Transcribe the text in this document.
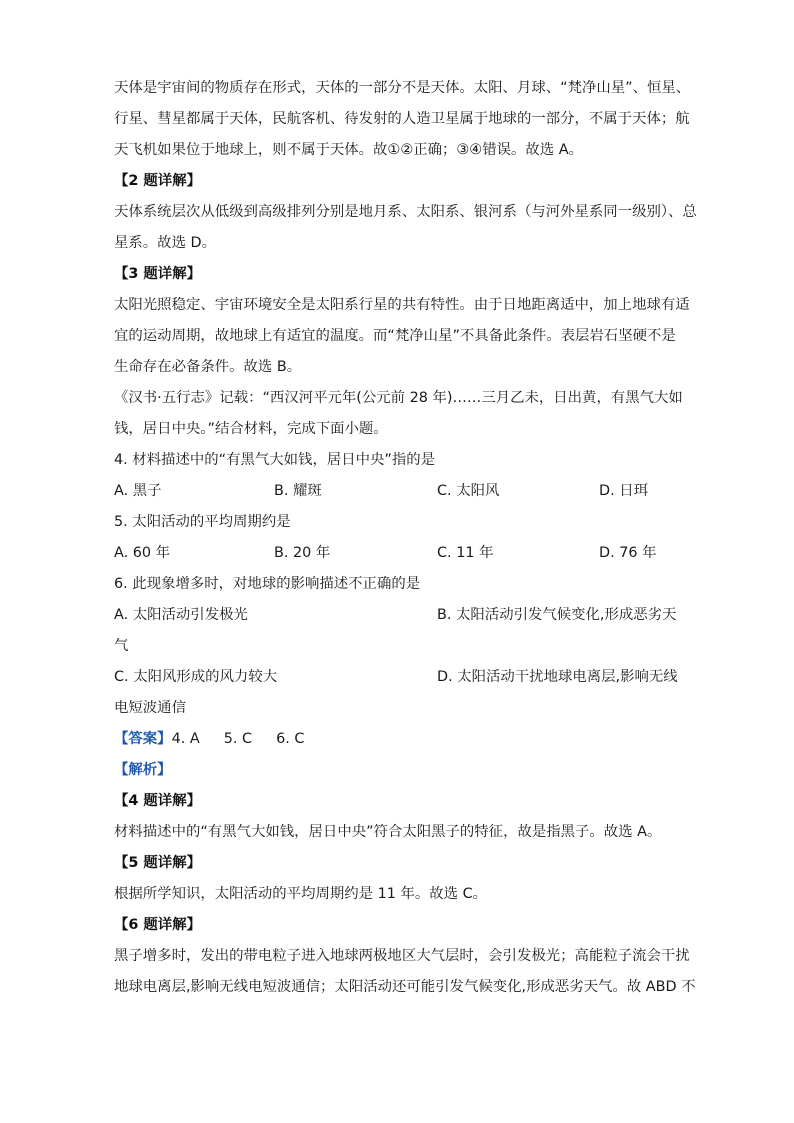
天体是宇宙间的物质存在形式，天体的一部分不是天体。太阳、月球、“梵净山星”、恒星、
行星、彗星都属于天体，民航客机、待发射的人造卫星属于地球的一部分，不属于天体；航
天飞机如果位于地球上，则不属于天体。故①②正确；③④错误。故选 A。
【2 题详解】
天体系统层次从低级到高级排列分别是地月系、太阳系、银河系（与河外星系同一级别）、总
星系。故选 D。
【3 题详解】
太阳光照稳定、宇宙环境安全是太阳系行星的共有特性。由于日地距离适中，加上地球有适
宜的运动周期，故地球上有适宜的温度。而“梵净山星”不具备此条件。表层岩石坚硬不是
生命存在必备条件。故选 B。
《汉书·五行志》记载：“西汉河平元年(公元前 28 年)……三月乙未，日出黄，有黑气大如
钱，居日中央。”结合材料，完成下面小题。
4. 材料描述中的“有黑气大如钱，居日中央”指的是
A. 黑子	B. 耀斑	C. 太阳风	D. 日珥
5. 太阳活动的平均周期约是
A. 60 年	B. 20 年	C. 11 年	D. 76 年
6. 此现象增多时，对地球的影响描述不正确的是
A. 太阳活动引发极光	B. 太阳活动引发气候变化,形成恶劣天
气
C. 太阳风形成的风力较大	D. 太阳活动干扰地球电离层,影响无线
电短波通信
【答案】4. A 5. C 6. C
【解析】
【4 题详解】
材料描述中的“有黑气大如钱，居日中央”符合太阳黑子的特征，故是指黑子。故选 A。
【5 题详解】
根据所学知识，太阳活动的平均周期约是 11 年。故选 C。
【6 题详解】
黑子增多时，发出的带电粒子进入地球两极地区大气层时，会引发极光；高能粒子流会干扰
地球电离层,影响无线电短波通信；太阳活动还可能引发气候变化,形成恶劣天气。故 ABD 不
